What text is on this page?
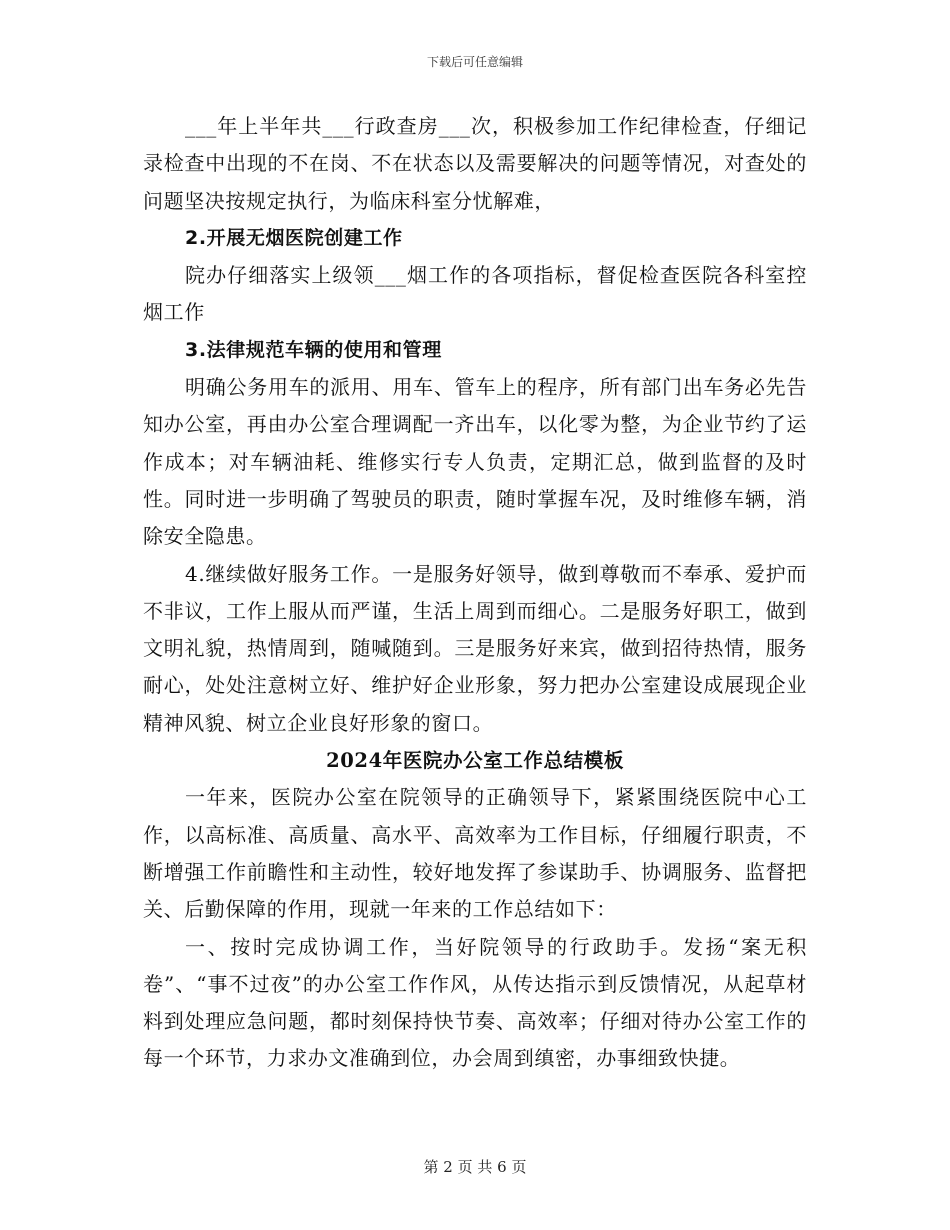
下载后可任意编辑

___年上半年共___行政查房___次，积极参加工作纪律检查，仔细记录检查中出现的不在岗、不在状态以及需要解决的问题等情况，对查处的问题坚决按规定执行，为临床科室分忧解难，

2.开展无烟医院创建工作

院办仔细落实上级领___烟工作的各项指标，督促检查医院各科室控烟工作

3.法律规范车辆的使用和管理

明确公务用车的派用、用车、管车上的程序，所有部门出车务必先告知办公室，再由办公室合理调配一齐出车，以化零为整，为企业节约了运作成本；对车辆油耗、维修实行专人负责，定期汇总，做到监督的及时性。同时进一步明确了驾驶员的职责，随时掌握车况，及时维修车辆，消除安全隐患。

4.继续做好服务工作。一是服务好领导，做到尊敬而不奉承、爱护而不非议，工作上服从而严谨，生活上周到而细心。二是服务好职工，做到文明礼貌，热情周到，随喊随到。三是服务好来宾，做到招待热情，服务耐心，处处注意树立好、维护好企业形象，努力把办公室建设成展现企业精神风貌、树立企业良好形象的窗口。

2024年医院办公室工作总结模板

一年来，医院办公室在院领导的正确领导下，紧紧围绕医院中心工作，以高标准、高质量、高水平、高效率为工作目标，仔细履行职责，不断增强工作前瞻性和主动性，较好地发挥了参谋助手、协调服务、监督把关、后勤保障的作用，现就一年来的工作总结如下：

一、按时完成协调工作，当好院领导的行政助手。发扬“案无积卷”、“事不过夜”的办公室工作作风，从传达指示到反馈情况，从起草材料到处理应急问题，都时刻保持快节奏、高效率；仔细对待办公室工作的每一个环节，力求办文准确到位，办会周到缜密，办事细致快捷。

第 2 页 共 6 页
